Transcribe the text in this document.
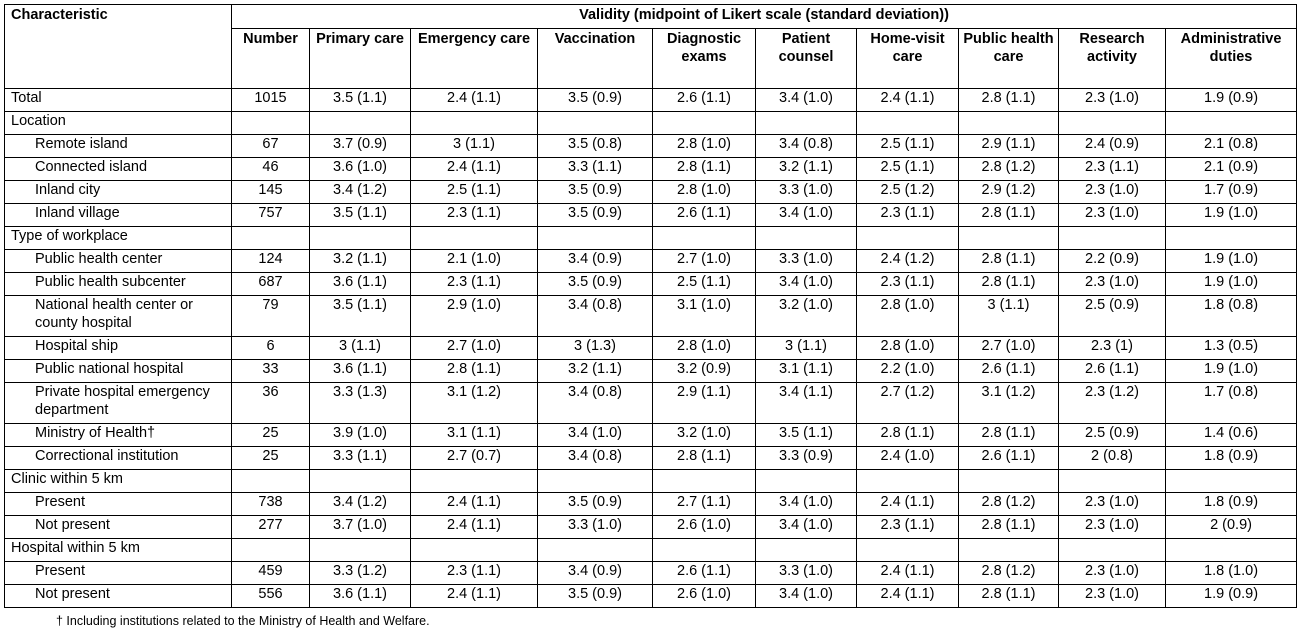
Characteristic	Validity (midpoint of Likert scale (standard deviation))									
	Number	Primary care	Emergency care	Vaccination	Diagnostic exams	Patient counsel	Home-visit care	Public health care	Research activity	Administrative duties
Total	1015	3.5 (1.1)	2.4 (1.1)	3.5 (0.9)	2.6 (1.1)	3.4 (1.0)	2.4 (1.1)	2.8 (1.1)	2.3 (1.0)	1.9 (0.9)
Location										
Remote island	67	3.7 (0.9)	3 (1.1)	3.5 (0.8)	2.8 (1.0)	3.4 (0.8)	2.5 (1.1)	2.9 (1.1)	2.4 (0.9)	2.1 (0.8)
Connected island	46	3.6 (1.0)	2.4 (1.1)	3.3 (1.1)	2.8 (1.1)	3.2 (1.1)	2.5 (1.1)	2.8 (1.2)	2.3 (1.1)	2.1 (0.9)
Inland city	145	3.4 (1.2)	2.5 (1.1)	3.5 (0.9)	2.8 (1.0)	3.3 (1.0)	2.5 (1.2)	2.9 (1.2)	2.3 (1.0)	1.7 (0.9)
Inland village	757	3.5 (1.1)	2.3 (1.1)	3.5 (0.9)	2.6 (1.1)	3.4 (1.0)	2.3 (1.1)	2.8 (1.1)	2.3 (1.0)	1.9 (1.0)
Type of workplace										
Public health center	124	3.2 (1.1)	2.1 (1.0)	3.4 (0.9)	2.7 (1.0)	3.3 (1.0)	2.4 (1.2)	2.8 (1.1)	2.2 (0.9)	1.9 (1.0)
Public health subcenter	687	3.6 (1.1)	2.3 (1.1)	3.5 (0.9)	2.5 (1.1)	3.4 (1.0)	2.3 (1.1)	2.8 (1.1)	2.3 (1.0)	1.9 (1.0)
National health center or county hospital	79	3.5 (1.1)	2.9 (1.0)	3.4 (0.8)	3.1 (1.0)	3.2 (1.0)	2.8 (1.0)	3 (1.1)	2.5 (0.9)	1.8 (0.8)
Hospital ship	6	3 (1.1)	2.7 (1.0)	3 (1.3)	2.8 (1.0)	3 (1.1)	2.8 (1.0)	2.7 (1.0)	2.3 (1)	1.3 (0.5)
Public national hospital	33	3.6 (1.1)	2.8 (1.1)	3.2 (1.1)	3.2 (0.9)	3.1 (1.1)	2.2 (1.0)	2.6 (1.1)	2.6 (1.1)	1.9 (1.0)
Private hospital emergency department	36	3.3 (1.3)	3.1 (1.2)	3.4 (0.8)	2.9 (1.1)	3.4 (1.1)	2.7 (1.2)	3.1 (1.2)	2.3 (1.2)	1.7 (0.8)
Ministry of Health†	25	3.9 (1.0)	3.1 (1.1)	3.4 (1.0)	3.2 (1.0)	3.5 (1.1)	2.8 (1.1)	2.8 (1.1)	2.5 (0.9)	1.4 (0.6)
Correctional institution	25	3.3 (1.1)	2.7 (0.7)	3.4 (0.8)	2.8 (1.1)	3.3 (0.9)	2.4 (1.0)	2.6 (1.1)	2 (0.8)	1.8 (0.9)
Clinic within 5 km										
Present	738	3.4 (1.2)	2.4 (1.1)	3.5 (0.9)	2.7 (1.1)	3.4 (1.0)	2.4 (1.1)	2.8 (1.2)	2.3 (1.0)	1.8 (0.9)
Not present	277	3.7 (1.0)	2.4 (1.1)	3.3 (1.0)	2.6 (1.0)	3.4 (1.0)	2.3 (1.1)	2.8 (1.1)	2.3 (1.0)	2 (0.9)
Hospital within 5 km										
Present	459	3.3 (1.2)	2.3 (1.1)	3.4 (0.9)	2.6 (1.1)	3.3 (1.0)	2.4 (1.1)	2.8 (1.2)	2.3 (1.0)	1.8 (1.0)
Not present	556	3.6 (1.1)	2.4 (1.1)	3.5 (0.9)	2.6 (1.0)	3.4 (1.0)	2.4 (1.1)	2.8 (1.1)	2.3 (1.0)	1.9 (0.9)
† Including institutions related to the Ministry of Health and Welfare.
